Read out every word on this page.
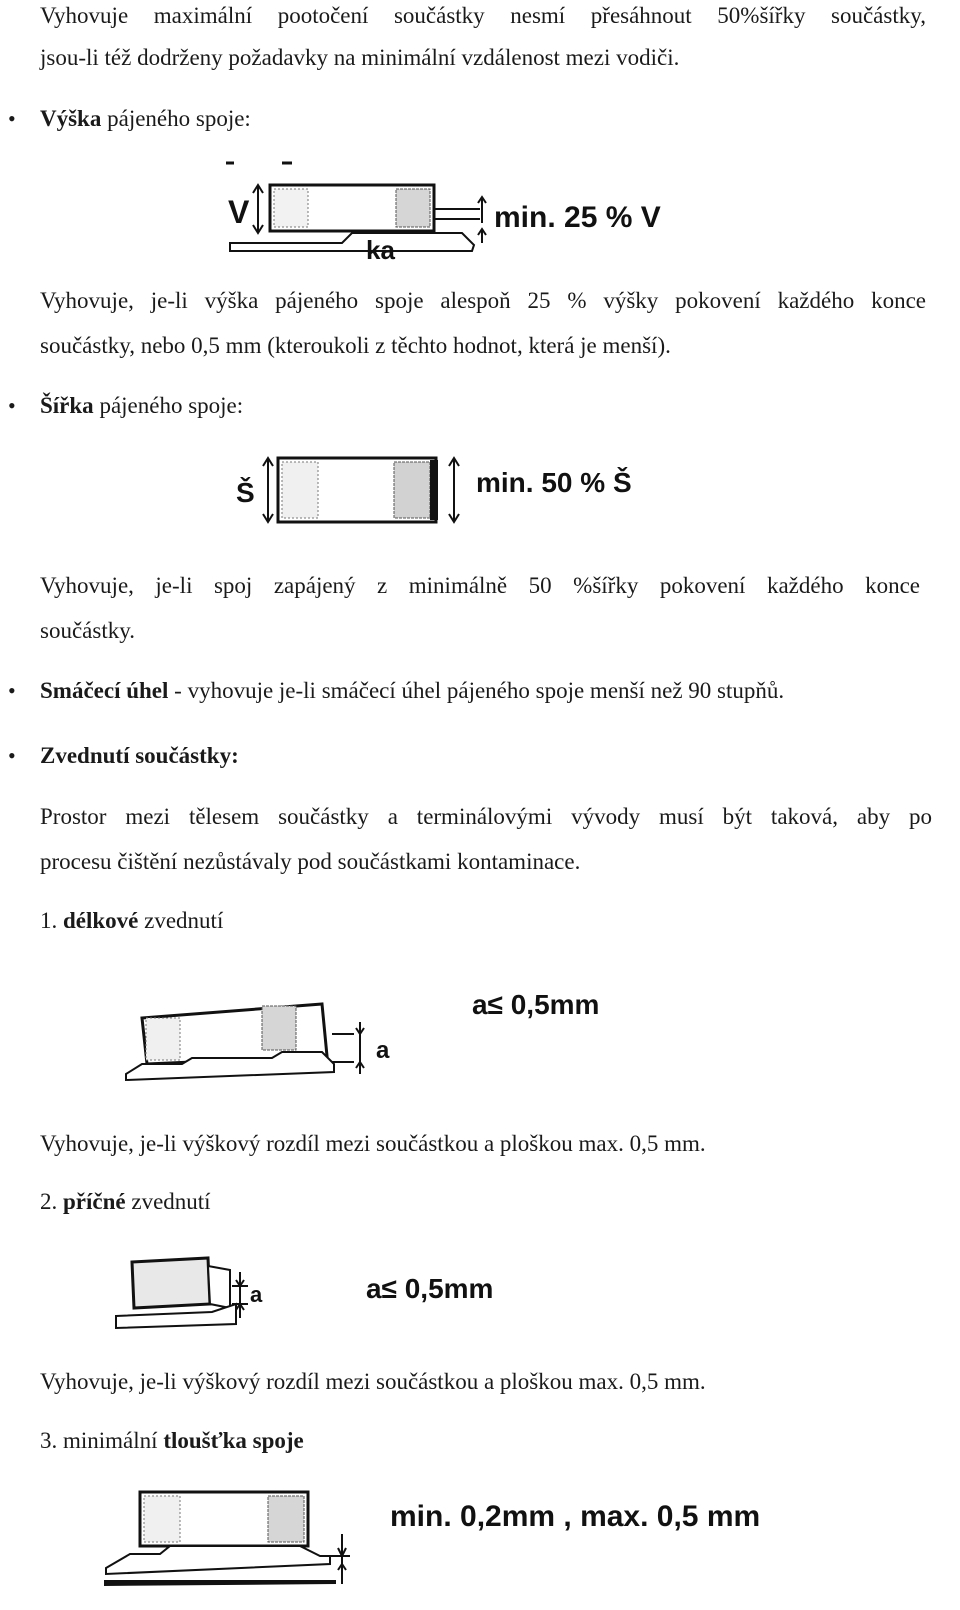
Vyhovuje maximální pootočení součástky nesmí přesáhnout 50%šířky součástky,
jsou-li též dodrženy požadavky na minimální vzdálenost mezi vodiči.
• Výška pájeného spoje:
V	min. 25 % V
ka
Vyhovuje, je-li výška pájeného spoje alespoň 25 % výšky pokovení každého konce
součástky, nebo 0,5 mm (kteroukoli z těchto hodnot, která je menší).
• Šířka pájeného spoje:
Š	min. 50 % Š
Vyhovuje, je-li spoj zapájený z minimálně 50 %šířky pokovení každého konce
součástky.
• Smáčecí úhel - vyhovuje je-li smáčecí úhel pájeného spoje menší než 90 stupňů.
• Zvednutí součástky:
Prostor mezi tělesem součástky a terminálovými vývody musí být taková, aby po
procesu čištění nezůstávaly pod součástkami kontaminace.
1. délkové zvednutí
a
a≤ 0,5mm
Vyhovuje, je-li výškový rozdíl mezi součástkou a ploškou max. 0,5 mm.
2. příčné zvednutí
a	a≤ 0,5mm
Vyhovuje, je-li výškový rozdíl mezi součástkou a ploškou max. 0,5 mm.
3. minimální tloušťka spoje
min. 0,2mm , max. 0,5 mm
